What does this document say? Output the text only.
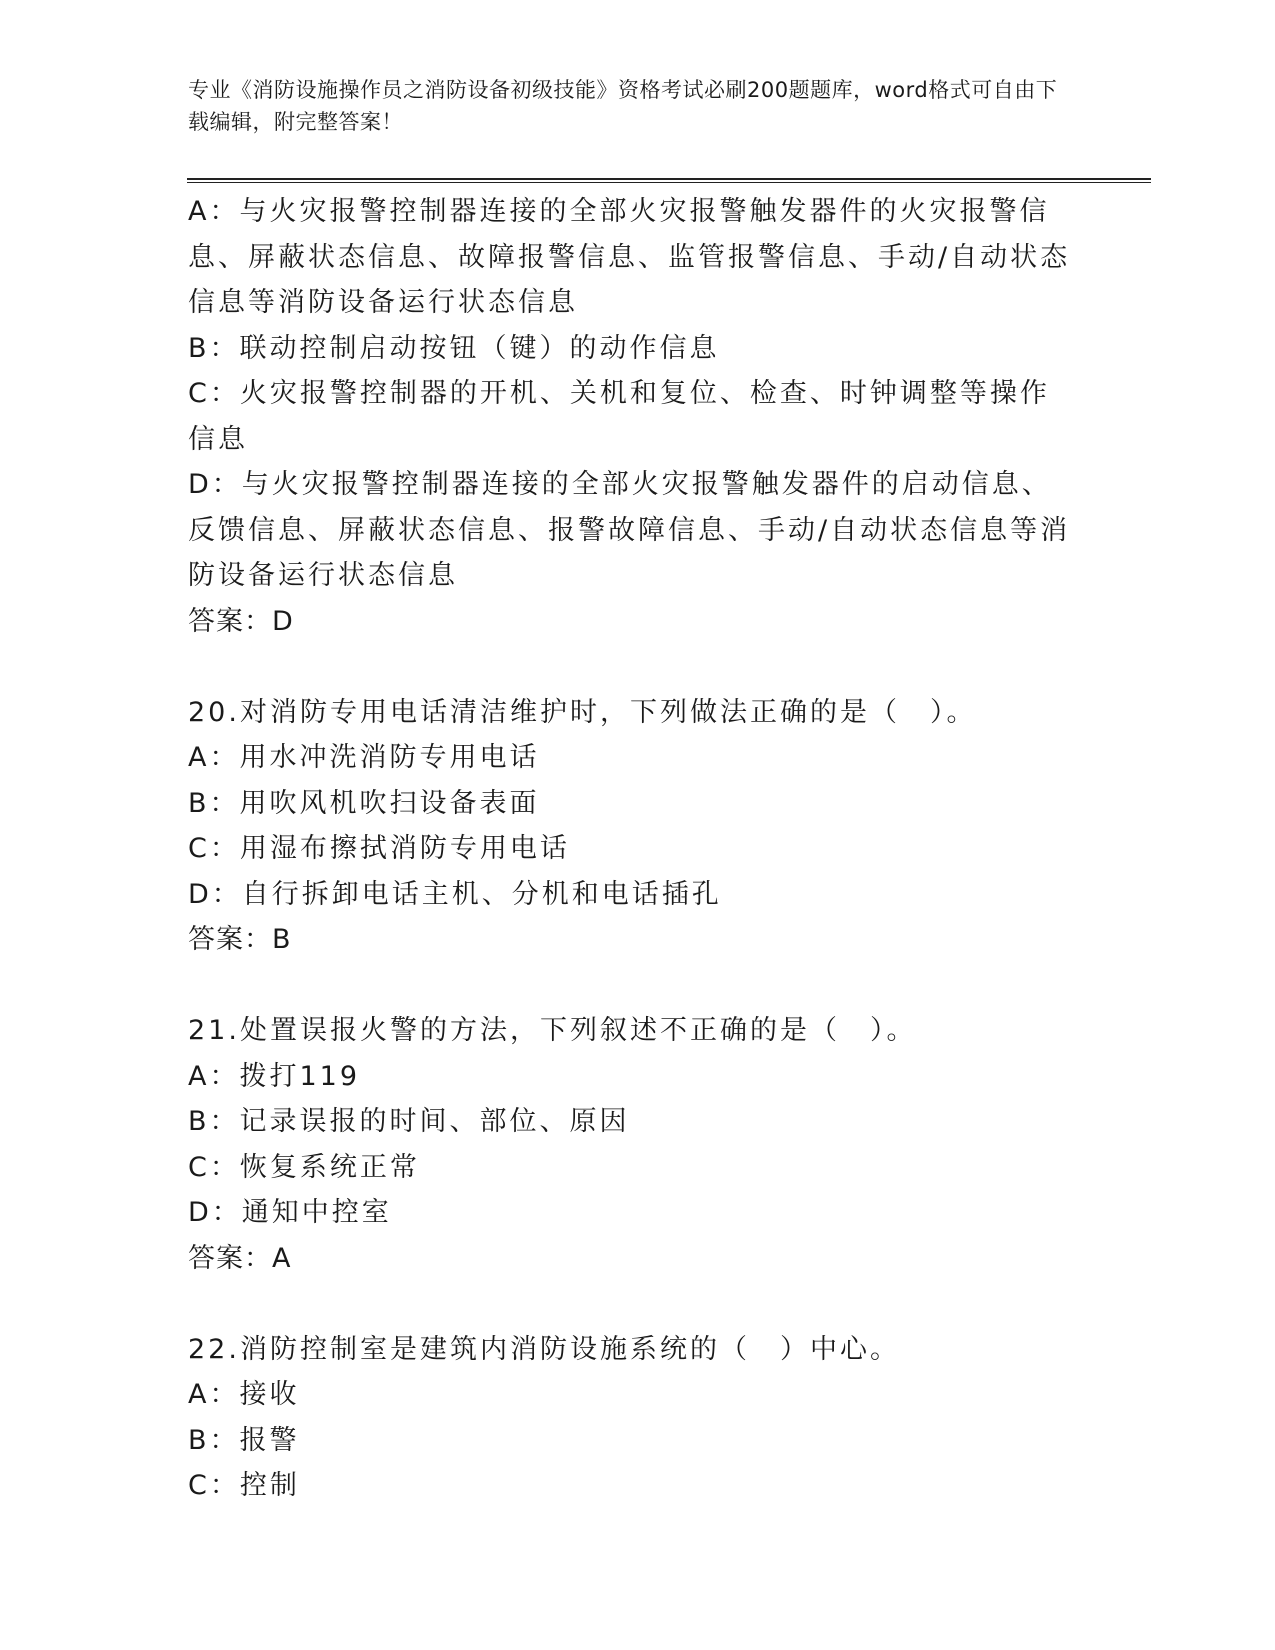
专业《消防设施操作员之消防设备初级技能》资格考试必刷200题题库，word格式可自由下载编辑，附完整答案！
A：与火灾报警控制器连接的全部火灾报警触发器件的火灾报警信息、屏蔽状态信息、故障报警信息、监管报警信息、手动/自动状态信息等消防设备运行状态信息
B：联动控制启动按钮（键）的动作信息
C：火灾报警控制器的开机、关机和复位、检查、时钟调整等操作信息
D：与火灾报警控制器连接的全部火灾报警触发器件的启动信息、反馈信息、屏蔽状态信息、报警故障信息、手动/自动状态信息等消防设备运行状态信息
答案：D
20.对消防专用电话清洁维护时，下列做法正确的是（　）。
A：用水冲洗消防专用电话
B：用吹风机吹扫设备表面
C：用湿布擦拭消防专用电话
D：自行拆卸电话主机、分机和电话插孔
答案：B
21.处置误报火警的方法，下列叙述不正确的是（　）。
A：拨打119
B：记录误报的时间、部位、原因
C：恢复系统正常
D：通知中控室
答案：A
22.消防控制室是建筑内消防设施系统的（　）中心。
A：接收
B：报警
C：控制
